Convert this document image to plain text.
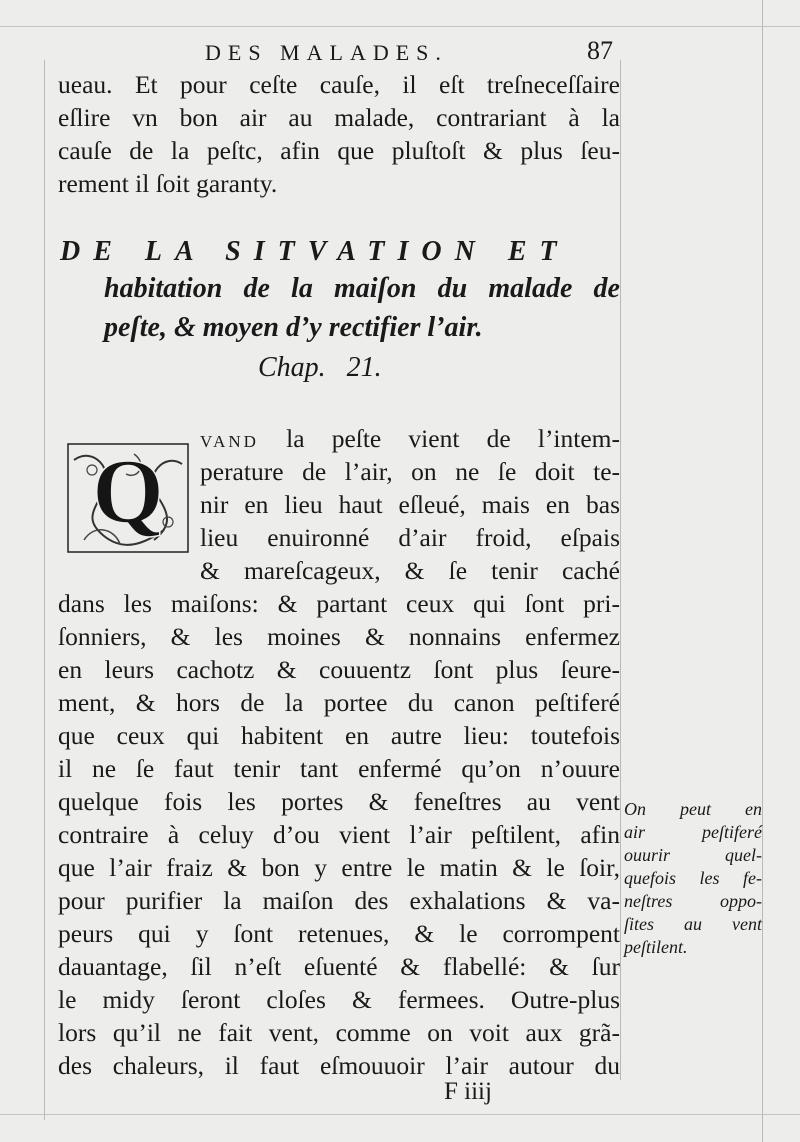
DES MALADES.	87
ueau. Et pour ceſte cauſe, il eſt treſneceſſaire
eſlire vn bon air au malade, contrariant à la
cauſe de la peſtc, afin que pluſtoſt & plus ſeu-
rement il ſoit garanty.
DE LA SITVATION ET
habitation de la maiſon du malade de
peſte, & moyen d’y rectifier l’air.
Chap.   21.
Q VAND la peſte vient de l’intem-
perature de l’air, on ne ſe doit te-
nir en lieu haut eſleué, mais en bas
lieu enuironné d’air froid, eſpais
& mareſcageux, & ſe tenir caché
dans les maiſons: & partant ceux qui ſont pri-
ſonniers, & les moines & nonnains enfermez
en leurs cachotz & couuentz ſont plus ſeure-
ment, & hors de la portee du canon peſtiferé
que ceux qui habitent en autre lieu: toutefois
il ne ſe faut tenir tant enfermé qu’on n’ouure
quelque fois les portes & feneſtres au vent
contraire à celuy d’ou vient l’air peſtilent, afin
que l’air fraiz & bon y entre le matin & le ſoir,
pour purifier la maiſon des exhalations & va-
peurs qui y ſont retenues, & le corrompent
dauantage, ſil n’eſt eſuenté & flabellé: & ſur
le midy ſeront cloſes & fermees. Outre-plus
lors qu’il ne fait vent, comme on voit aux grã-
des chaleurs, il faut eſmouuoir l’air autour du
On peut en
air peſtiferé
ouurir quel-
quefois les fe-
neſtres oppo-
ſites au vent
peſtilent.
F iiij
